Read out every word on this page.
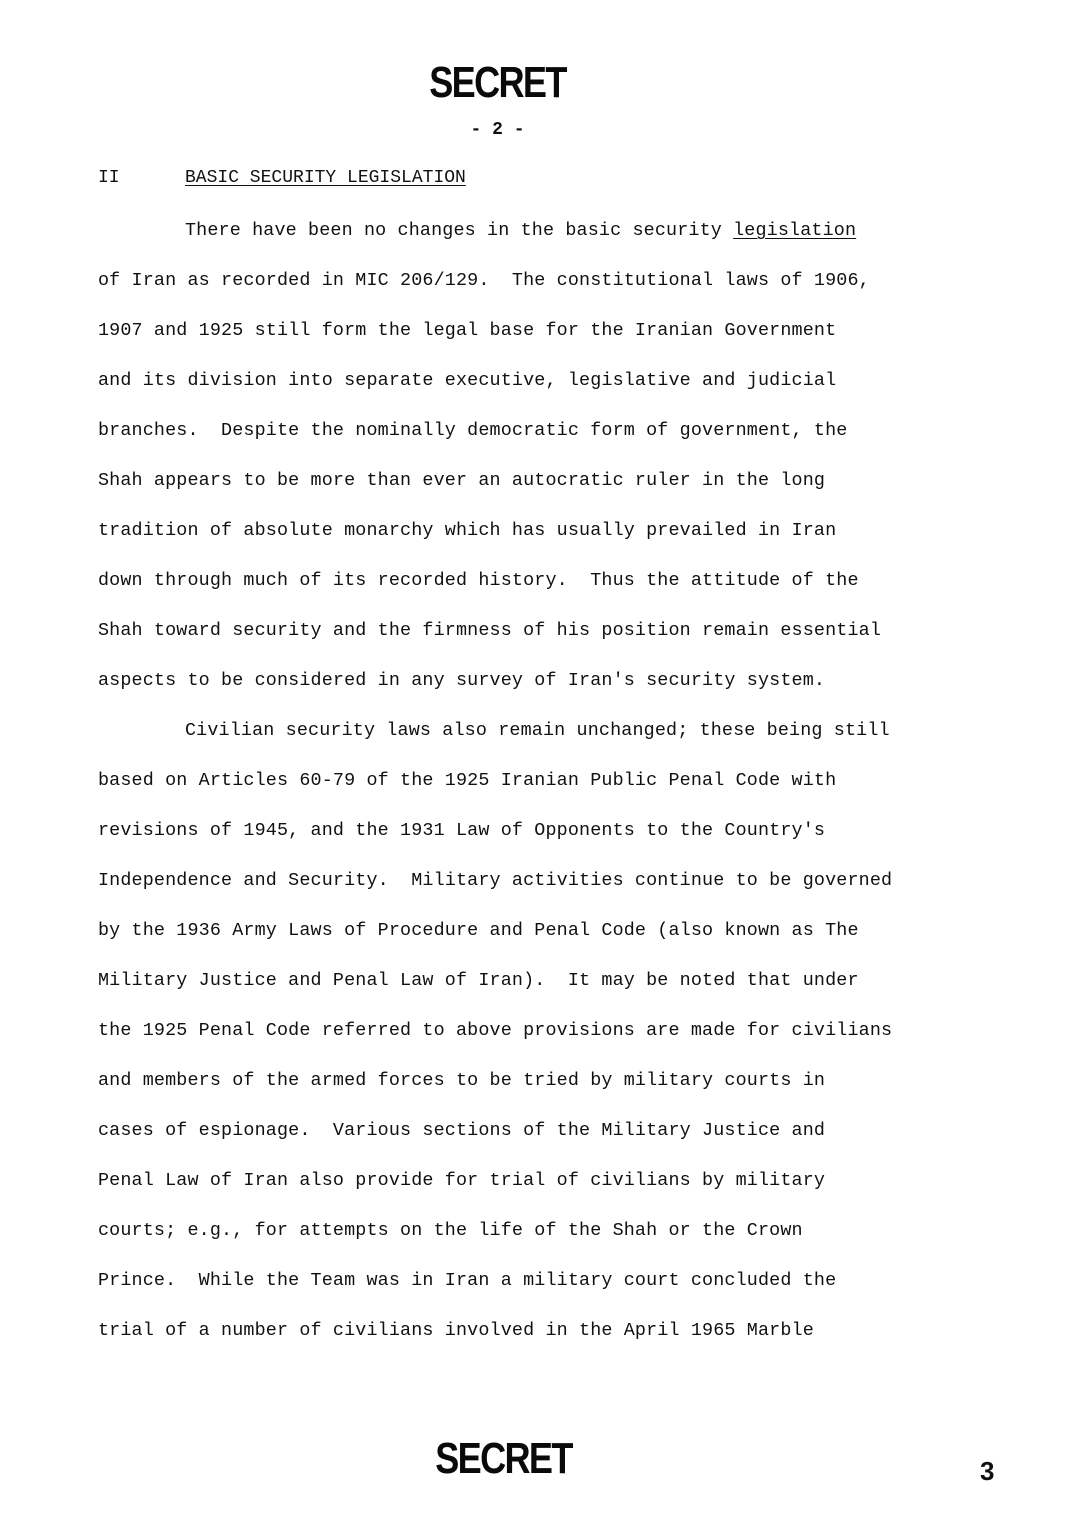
SECRET
- 2 -
II	BASIC SECURITY LEGISLATION
There have been no changes in the basic security legislation
of Iran as recorded in MIC 206/129.  The constitutional laws of 1906,
1907 and 1925 still form the legal base for the Iranian Government
and its division into separate executive, legislative and judicial
branches.  Despite the nominally democratic form of government, the
Shah appears to be more than ever an autocratic ruler in the long
tradition of absolute monarchy which has usually prevailed in Iran
down through much of its recorded history.  Thus the attitude of the
Shah toward security and the firmness of his position remain essential
aspects to be considered in any survey of Iran's security system.
Civilian security laws also remain unchanged; these being still
based on Articles 60-79 of the 1925 Iranian Public Penal Code with
revisions of 1945, and the 1931 Law of Opponents to the Country's
Independence and Security.  Military activities continue to be governed
by the 1936 Army Laws of Procedure and Penal Code (also known as The
Military Justice and Penal Law of Iran).  It may be noted that under
the 1925 Penal Code referred to above provisions are made for civilians
and members of the armed forces to be tried by military courts in
cases of espionage.  Various sections of the Military Justice and
Penal Law of Iran also provide for trial of civilians by military
courts; e.g., for attempts on the life of the Shah or the Crown
Prince.  While the Team was in Iran a military court concluded the
trial of a number of civilians involved in the April 1965 Marble
SECRET	3
